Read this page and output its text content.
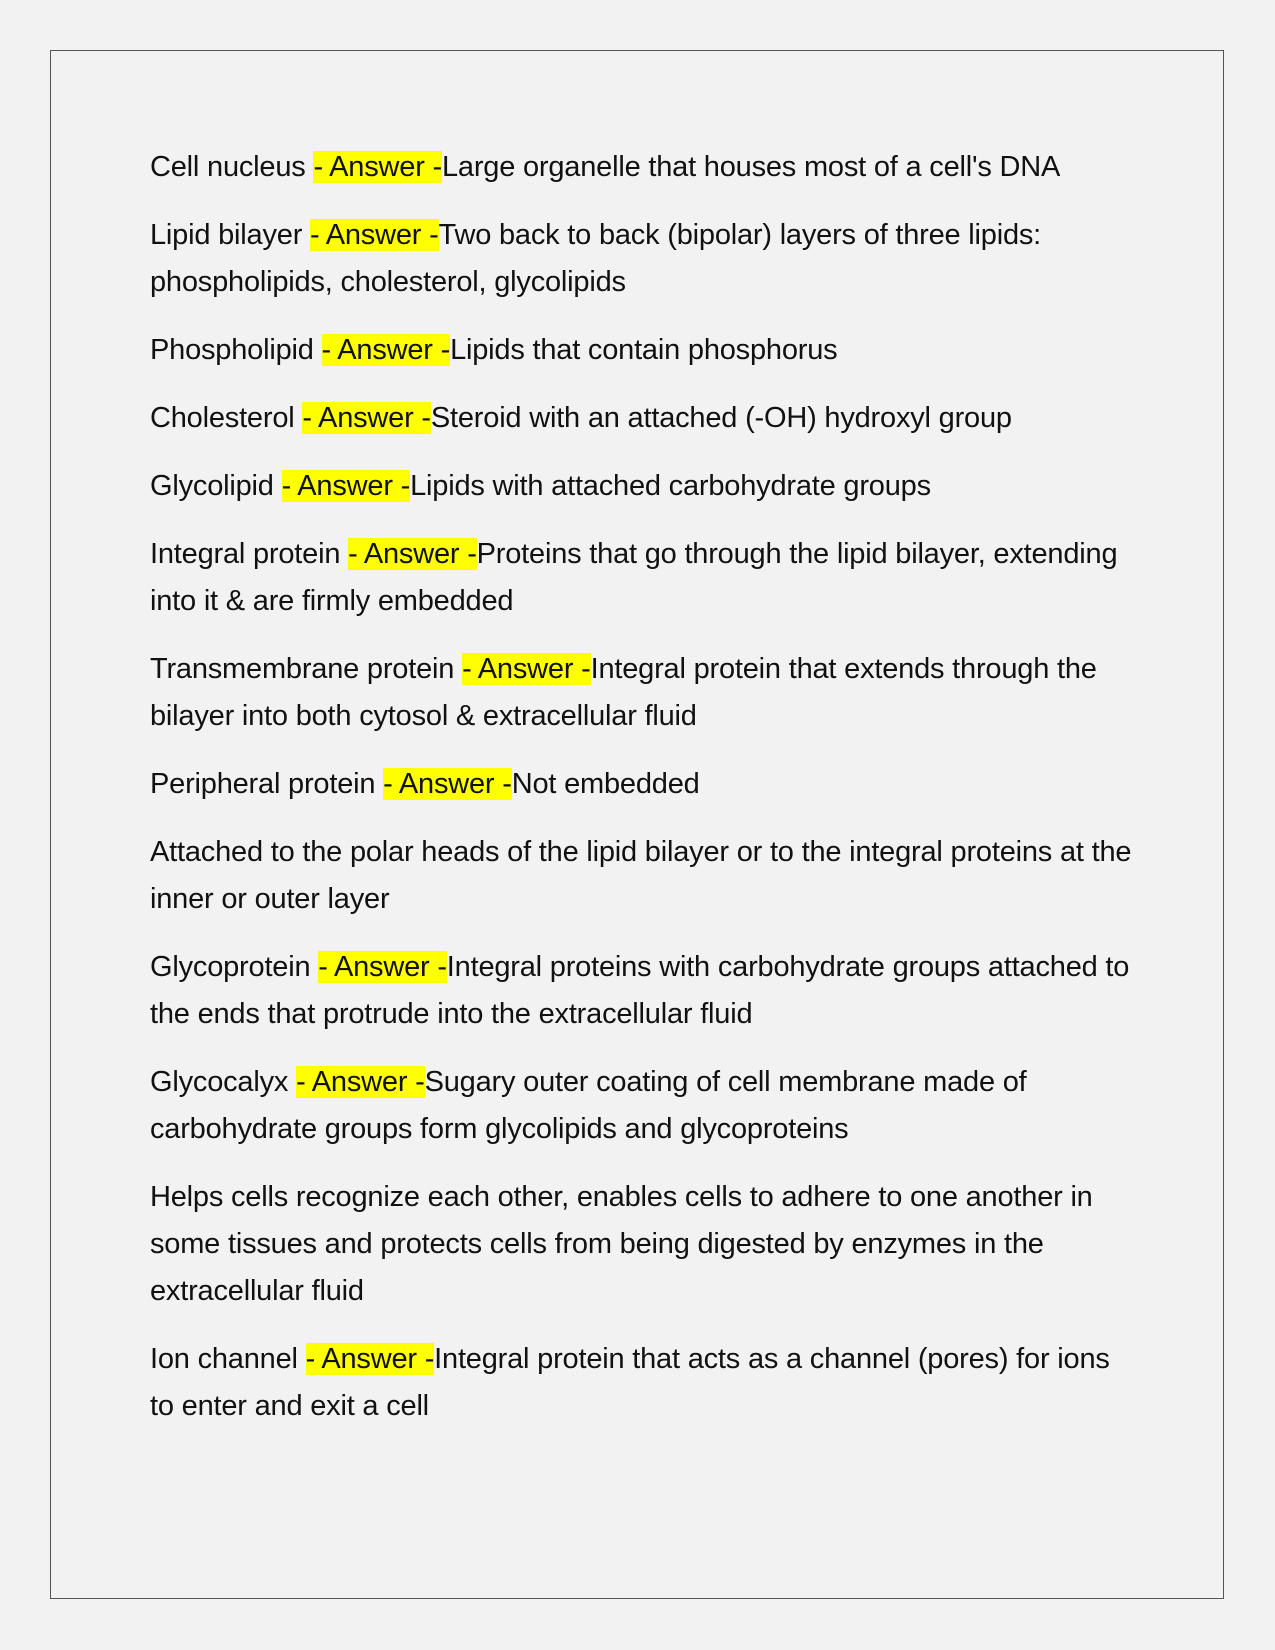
Cell nucleus - Answer -Large organelle that houses most of a cell's DNA

Lipid bilayer - Answer -Two back to back (bipolar) layers of three lipids: phospholipids, cholesterol, glycolipids

Phospholipid - Answer -Lipids that contain phosphorus

Cholesterol - Answer -Steroid with an attached (-OH) hydroxyl group

Glycolipid - Answer -Lipids with attached carbohydrate groups

Integral protein - Answer -Proteins that go through the lipid bilayer, extending into it & are firmly embedded

Transmembrane protein - Answer -Integral protein that extends through the bilayer into both cytosol & extracellular fluid

Peripheral protein - Answer -Not embedded

Attached to the polar heads of the lipid bilayer or to the integral proteins at the inner or outer layer

Glycoprotein - Answer -Integral proteins with carbohydrate groups attached to the ends that protrude into the extracellular fluid

Glycocalyx - Answer -Sugary outer coating of cell membrane made of carbohydrate groups form glycolipids and glycoproteins

Helps cells recognize each other, enables cells to adhere to one another in some tissues and protects cells from being digested by enzymes in the extracellular fluid

Ion channel - Answer -Integral protein that acts as a channel (pores) for ions to enter and exit a cell
